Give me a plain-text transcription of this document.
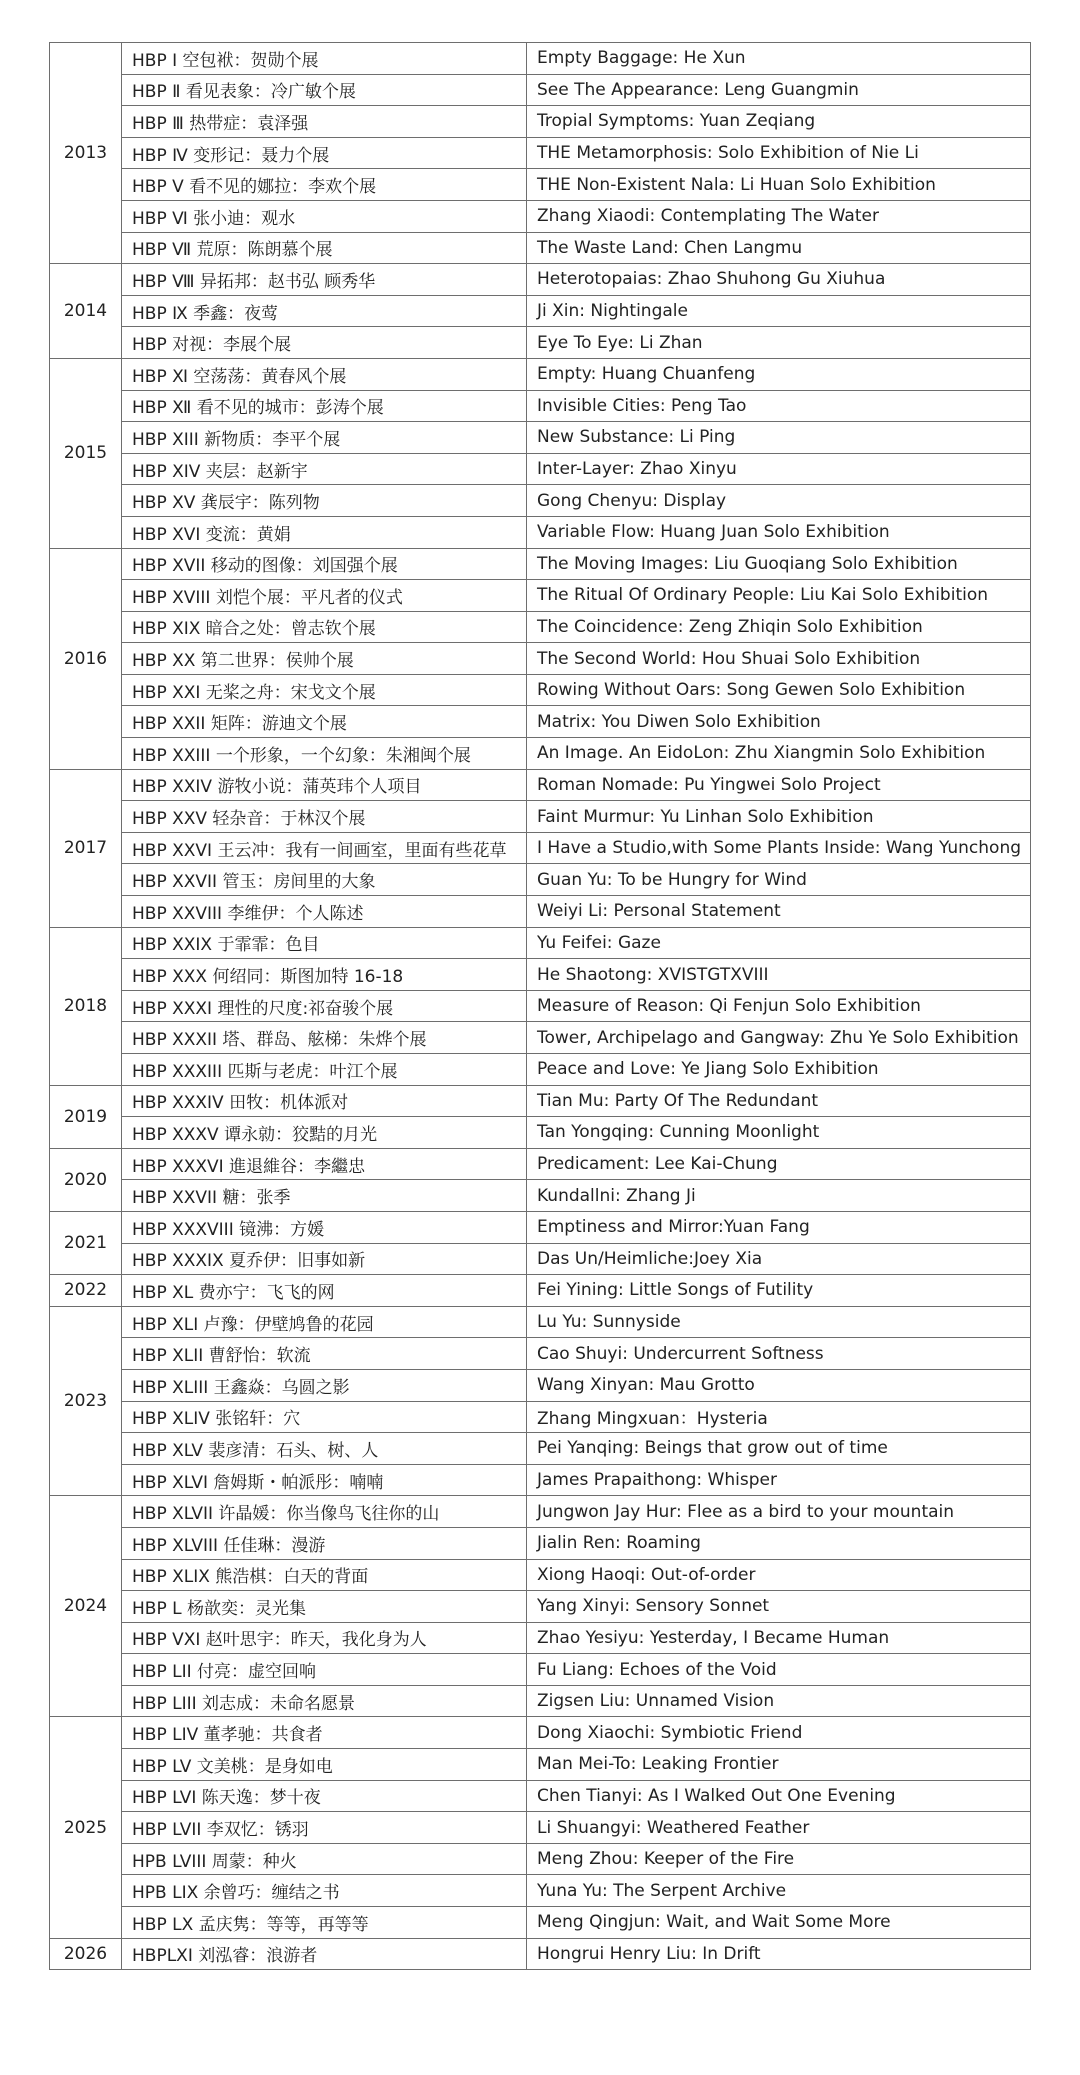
2013	HBP Ⅰ 空包袱：贺勋个展	Empty Baggage: He Xun
	HBP Ⅱ 看见表象：冷广敏个展	See The Appearance: Leng Guangmin
	HBP Ⅲ 热带症：袁泽强	Tropial Symptoms: Yuan Zeqiang
	HBP Ⅳ 变形记：聂力个展	THE Metamorphosis: Solo Exhibition of Nie Li
	HBP Ⅴ 看不见的娜拉：李欢个展	THE Non-Existent Nala: Li Huan Solo Exhibition
	HBP Ⅵ 张小迪：观水	Zhang Xiaodi: Contemplating The Water
	HBP Ⅶ 荒原：陈朗慕个展	The Waste Land: Chen Langmu
2014	HBP Ⅷ 异拓邦：赵书弘 顾秀华	Heterotopaias: Zhao Shuhong Gu Xiuhua
	HBP Ⅸ 季鑫：夜莺	Ji Xin: Nightingale
	HBP 对视：李展个展	Eye To Eye: Li Zhan
2015	HBP Ⅺ 空荡荡：黄春风个展	Empty: Huang Chuanfeng
	HBP Ⅻ 看不见的城市：彭涛个展	Invisible Cities: Peng Tao
	HBP XIII 新物质：李平个展	New Substance: Li Ping
	HBP XIV 夹层：赵新宇	Inter-Layer: Zhao Xinyu
	HBP XV 龚辰宇：陈列物	Gong Chenyu: Display
	HBP XVI 变流：黄娟	Variable Flow: Huang Juan Solo Exhibition
2016	HBP XVII 移动的图像：刘国强个展	The Moving Images: Liu Guoqiang Solo Exhibition
	HBP XVIII 刘恺个展：平凡者的仪式	The Ritual Of Ordinary People: Liu Kai Solo Exhibition
	HBP XIX 暗合之处：曾志钦个展	The Coincidence: Zeng Zhiqin Solo Exhibition
	HBP XX 第二世界：侯帅个展	The Second World: Hou Shuai Solo Exhibition
	HBP XXI 无桨之舟：宋戈文个展	Rowing Without Oars: Song Gewen Solo Exhibition
	HBP XXII 矩阵：游迪文个展	Matrix: You Diwen Solo Exhibition
	HBP XXIII 一个形象，一个幻象：朱湘闽个展	An Image. An EidoLon: Zhu Xiangmin Solo Exhibition
2017	HBP XXIV 游牧小说：蒲英玮个人项目	Roman Nomade: Pu Yingwei Solo Project
	HBP XXV 轻杂音：于林汉个展	Faint Murmur: Yu Linhan Solo Exhibition
	HBP XXVI 王云冲：我有一间画室，里面有些花草	I Have a Studio,with Some Plants Inside: Wang Yunchong
	HBP XXVII 管玉：房间里的大象	Guan Yu: To be Hungry for Wind
	HBP XXVIII 李维伊：个人陈述	Weiyi Li: Personal Statement
2018	HBP XXIX 于霏霏：色目	Yu Feifei: Gaze
	HBP XXX 何绍同：斯图加特 16-18	He Shaotong: XVISTGTXVIII
	HBP XXXI 理性的尺度:祁奋骏个展	Measure of Reason: Qi Fenjun Solo Exhibition
	HBP XXXII 塔、群岛、舷梯：朱烨个展	Tower, Archipelago and Gangway: Zhu Ye Solo Exhibition
	HBP XXXIII 匹斯与老虎：叶江个展	Peace and Love: Ye Jiang Solo Exhibition
2019	HBP XXXIV 田牧：机体派对	Tian Mu: Party Of The Redundant
	HBP XXXV 谭永勍：狡黠的月光	Tan Yongqing: Cunning Moonlight
2020	HBP XXXVI 進退維谷：李繼忠	Predicament: Lee Kai-Chung
	HBP XXVII 糖：张季	Kundallni: Zhang Ji
2021	HBP XXXVIII 镜沸：方媛	Emptiness and Mirror:Yuan Fang
	HBP XXXIX 夏乔伊：旧事如新	Das Un/Heimliche:Joey Xia
2022	HBP XL 费亦宁：飞飞的网	Fei Yining: Little Songs of Futility
2023	HBP XLI 卢豫：伊壁鸠鲁的花园	Lu Yu: Sunnyside
	HBP XLII 曹舒怡：软流	Cao Shuyi: Undercurrent Softness
	HBP XLIII 王鑫焱：乌圆之影	Wang Xinyan: Mau Grotto
	HBP XLIV 张铭轩：穴	Zhang Mingxuan：Hysteria
	HBP XLV 裴彦清：石头、树、人	Pei Yanqing: Beings that grow out of time
	HBP XLVI 詹姆斯・帕派彤：喃喃	James Prapaithong: Whisper
2024	HBP XLVII 许晶媛：你当像鸟飞往你的山	Jungwon Jay Hur: Flee as a bird to your mountain
	HBP XLVIII 任佳琳：漫游	Jialin Ren: Roaming
	HBP XLIX 熊浩棋：白天的背面	Xiong Haoqi: Out-of-order
	HBP L 杨歆奕：灵光集	Yang Xinyi: Sensory Sonnet
	HBP VXI 赵叶思宇：昨天，我化身为人	Zhao Yesiyu: Yesterday, I Became Human
	HBP LII 付亮：虚空回响	Fu Liang: Echoes of the Void
	HBP LIII 刘志成：未命名愿景	Zigsen Liu: Unnamed Vision
2025	HBP LIV 董孝驰：共食者	Dong Xiaochi: Symbiotic Friend
	HBP LV 文美桃：是身如电	Man Mei-To: Leaking Frontier
	HBP LVI 陈天逸：梦十夜	Chen Tianyi: As I Walked Out One Evening
	HBP LVII 李双忆：锈羽	Li Shuangyi: Weathered Feather
	HPB LVIII 周蒙：种火	Meng Zhou: Keeper of the Fire
	HPB LIX 余曾巧：缠结之书	Yuna Yu: The Serpent Archive
	HBP LX 孟庆隽：等等，再等等	Meng Qingjun: Wait, and Wait Some More
2026	HBPLXI 刘泓睿：浪游者	Hongrui Henry Liu: In Drift
